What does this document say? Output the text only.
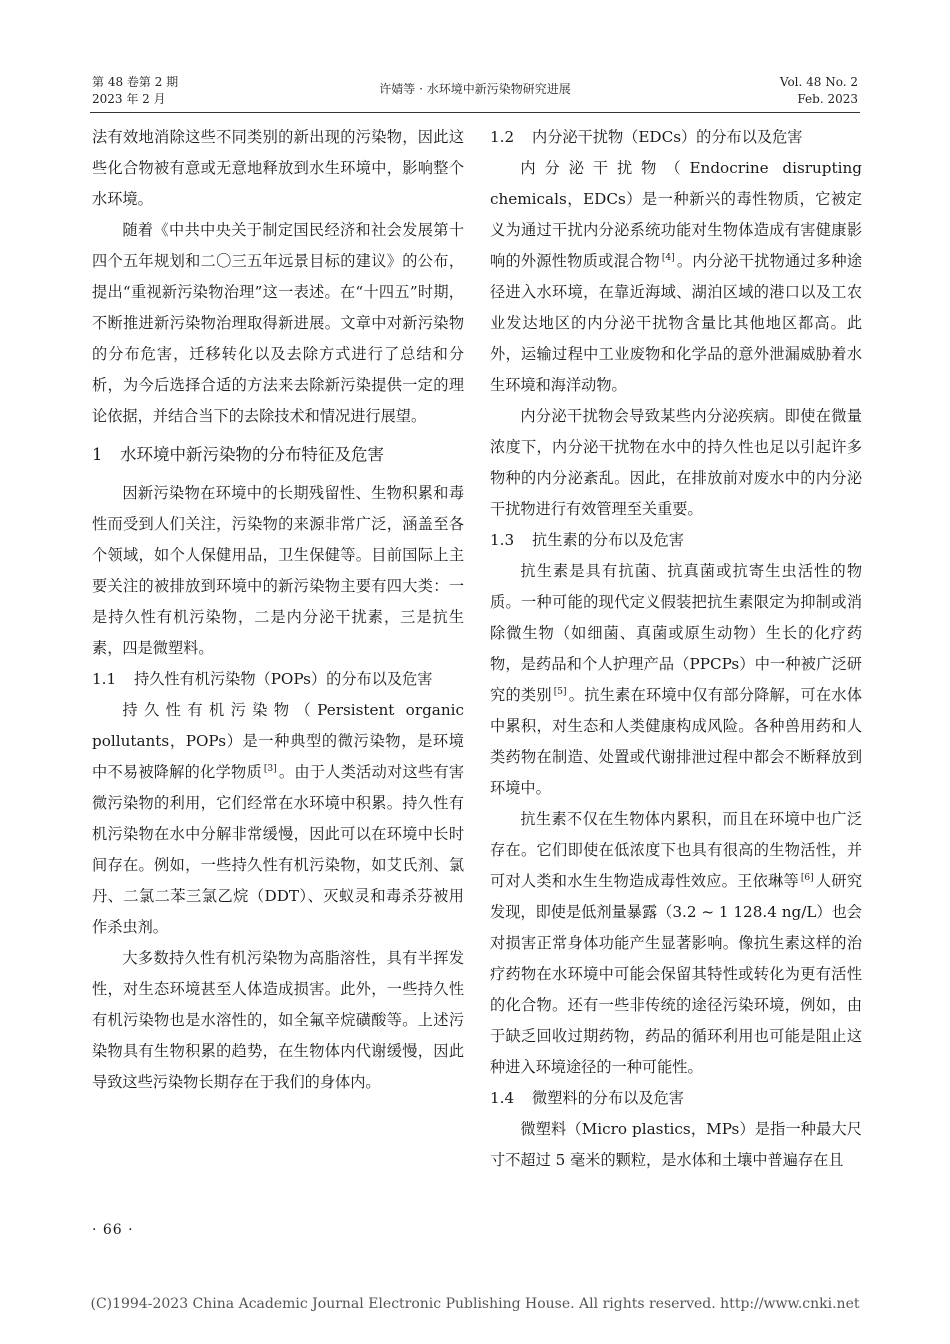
第 48 卷第 2 期
2023 年 2 月
许婧等 · 水环境中新污染物研究进展	Vol. 48 No. 2
Feb. 2023

法有效地消除这些不同类别的新出现的污染物，因此这些化合物被有意或无意地释放到水生环境中，影响整个水环境。

随着《中共中央关于制定国民经济和社会发展第十四个五年规划和二〇三五年远景目标的建议》的公布，提出“重视新污染物治理”这一表述。在“十四五”时期，不断推进新污染物治理取得新进展。文章中对新污染物的分布危害，迁移转化以及去除方式进行了总结和分析，为今后选择合适的方法来去除新污染提供一定的理论依据，并结合当下的去除技术和情况进行展望。

1 水环境中新污染物的分布特征及危害

因新污染物在环境中的长期残留性、生物积累和毒性而受到人们关注，污染物的来源非常广泛，涵盖至各个领域，如个人保健用品，卫生保健等。目前国际上主要关注的被排放到环境中的新污染物主要有四大类：一是持久性有机污染物，二是内分泌干扰素，三是抗生素，四是微塑料。

1.1 持久性有机污染物（POPs）的分布以及危害

持久性有机污染物（Persistent organic pollutants，POPs）是一种典型的微污染物，是环境中不易被降解的化学物质 [3] 。由于人类活动对这些有害微污染物的利用，它们经常在水环境中积累。持久性有机污染物在水中分解非常缓慢，因此可以在环境中长时间存在。例如，一些持久性有机污染物，如艾氏剂、氯丹、二氯二苯三氯乙烷（DDT）、灭蚁灵和毒杀芬被用作杀虫剂。

大多数持久性有机污染物为高脂溶性，具有半挥发性，对生态环境甚至人体造成损害。此外，一些持久性有机污染物也是水溶性的，如全氟辛烷磺酸等。上述污染物具有生物积累的趋势，在生物体内代谢缓慢，因此导致这些污染物长期存在于我们的身体内。

1.2 内分泌干扰物（EDCs）的分布以及危害

内分泌干扰物（Endocrine disrupting chemicals，EDCs）是一种新兴的毒性物质，它被定义为通过干扰内分泌系统功能对生物体造成有害健康影响的外源性物质或混合物 [4] 。内分泌干扰物通过多种途径进入水环境，在靠近海域、湖泊区域的港口以及工农业发达地区的内分泌干扰物含量比其他地区都高。此外，运输过程中工业废物和化学品的意外泄漏威胁着水生环境和海洋动物。

内分泌干扰物会导致某些内分泌疾病。即使在微量浓度下，内分泌干扰物在水中的持久性也足以引起许多物种的内分泌紊乱。因此，在排放前对废水中的内分泌干扰物进行有效管理至关重要。

1.3 抗生素的分布以及危害

抗生素是具有抗菌、抗真菌或抗寄生虫活性的物质。一种可能的现代定义假装把抗生素限定为抑制或消除微生物（如细菌、真菌或原生动物）生长的化疗药物，是药品和个人护理产品（PPCPs）中一种被广泛研究的类别 [5] 。抗生素在环境中仅有部分降解，可在水体中累积，对生态和人类健康构成风险。各种兽用药和人类药物在制造、处置或代谢排泄过程中都会不断释放到环境中。

抗生素不仅在生物体内累积，而且在环境中也广泛存在。它们即使在低浓度下也具有很高的生物活性，并可对人类和水生生物造成毒性效应。王依琳等 [6] 人研究发现，即使是低剂量暴露（3.2 ~ 1 128.4 ng/L）也会对损害正常身体功能产生显著影响。像抗生素这样的治疗药物在水环境中可能会保留其特性或转化为更有活性的化合物。还有一些非传统的途径污染环境，例如，由于缺乏回收过期药物，药品的循环利用也可能是阻止这种进入环境途径的一种可能性。

1.4 微塑料的分布以及危害

微塑料（Micro plastics，MPs）是指一种最大尺寸不超过 5 毫米的颗粒，是水体和土壤中普遍存在且

· 66 ·
(C)1994-2023 China Academic Journal Electronic Publishing House. All rights reserved. http://www.cnki.net
